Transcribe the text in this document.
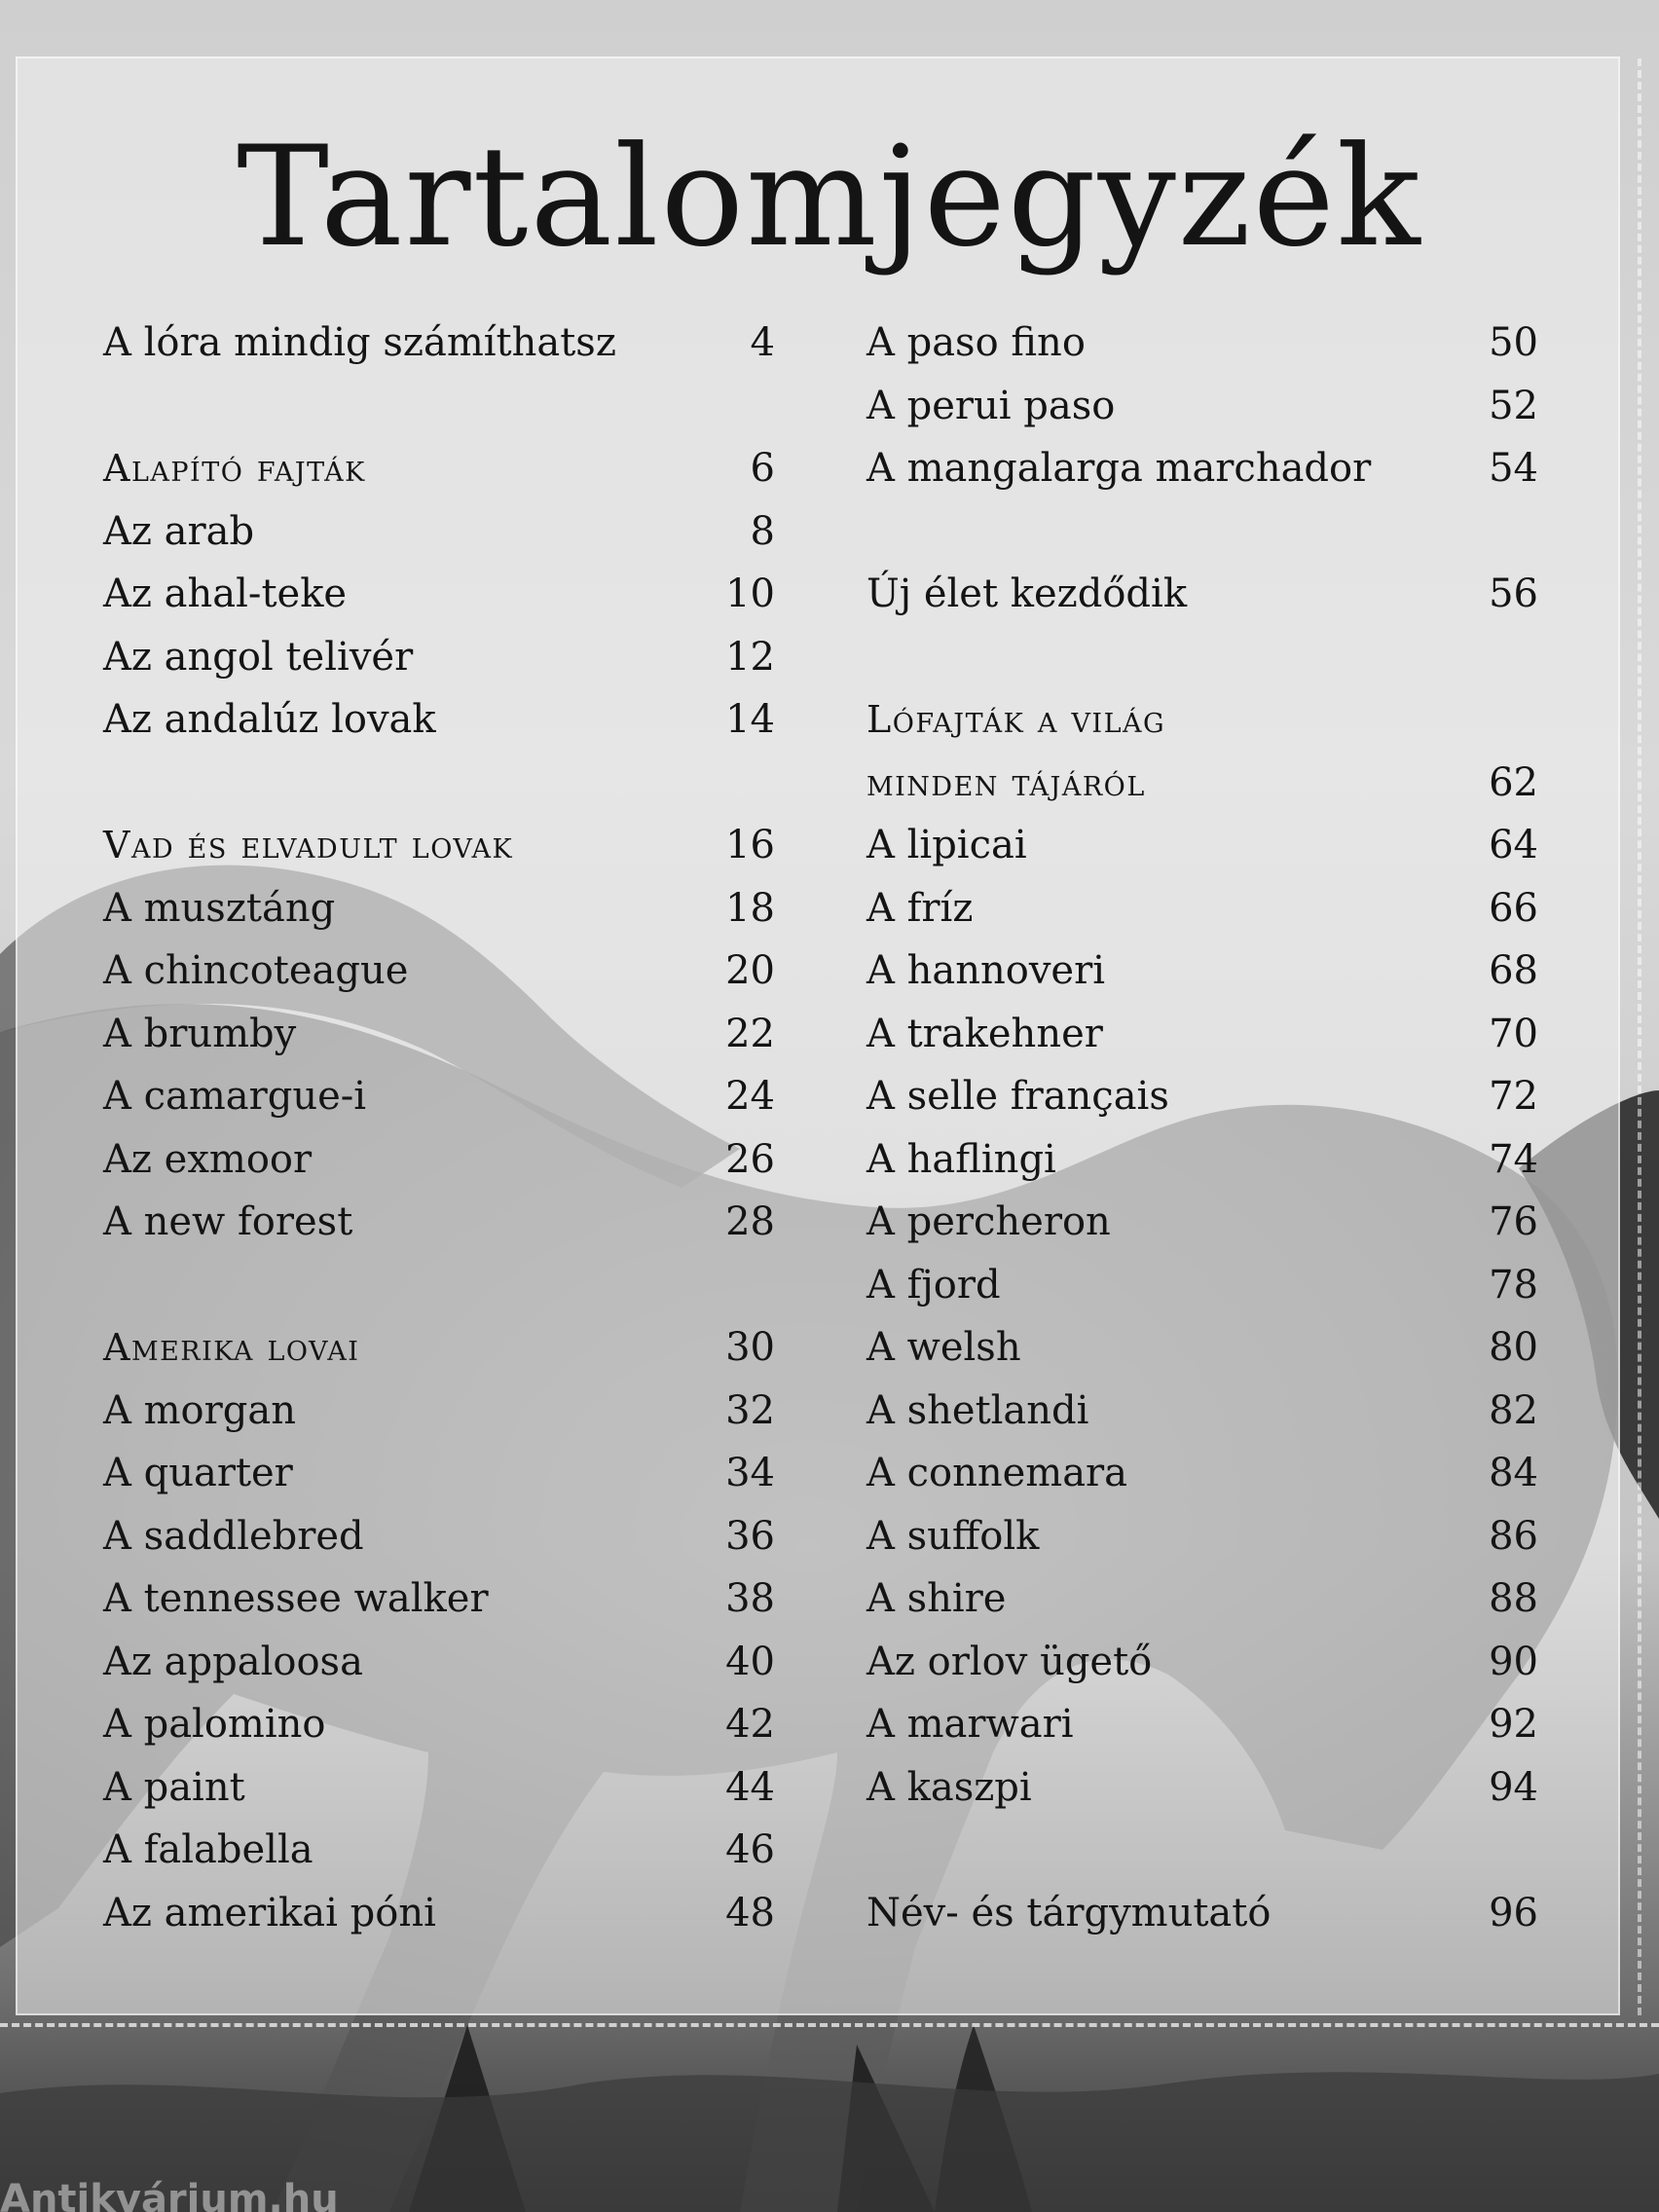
Tartalomjegyzék
A lóra mindig számíthatsz	4
Alapító fajták	6
Az arab	8
Az ahal-teke	10
Az angol telivér	12
Az andalúz lovak	14
Vad és elvadult lovak	16
A musztáng	18
A chincoteague	20
A brumby	22
A camargue-i	24
Az exmoor	26
A new forest	28
Amerika lovai	30
A morgan	32
A quarter	34
A saddlebred	36
A tennessee walker	38
Az appaloosa	40
A palomino	42
A paint	44
A falabella	46
Az amerikai póni	48
A paso fino	50
A perui paso	52
A mangalarga marchador	54
Új élet kezdődik	56
Lófajták a világ
minden tájáról	62
A lipicai	64
A fríz	66
A hannoveri	68
A trakehner	70
A selle français	72
A haflingi	74
A percheron	76
A fjord	78
A welsh	80
A shetlandi	82
A connemara	84
A suffolk	86
A shire	88
Az orlov ügető	90
A marwari	92
A kaszpi	94
Név- és tárgymutató	96
Antikvárium.hu
